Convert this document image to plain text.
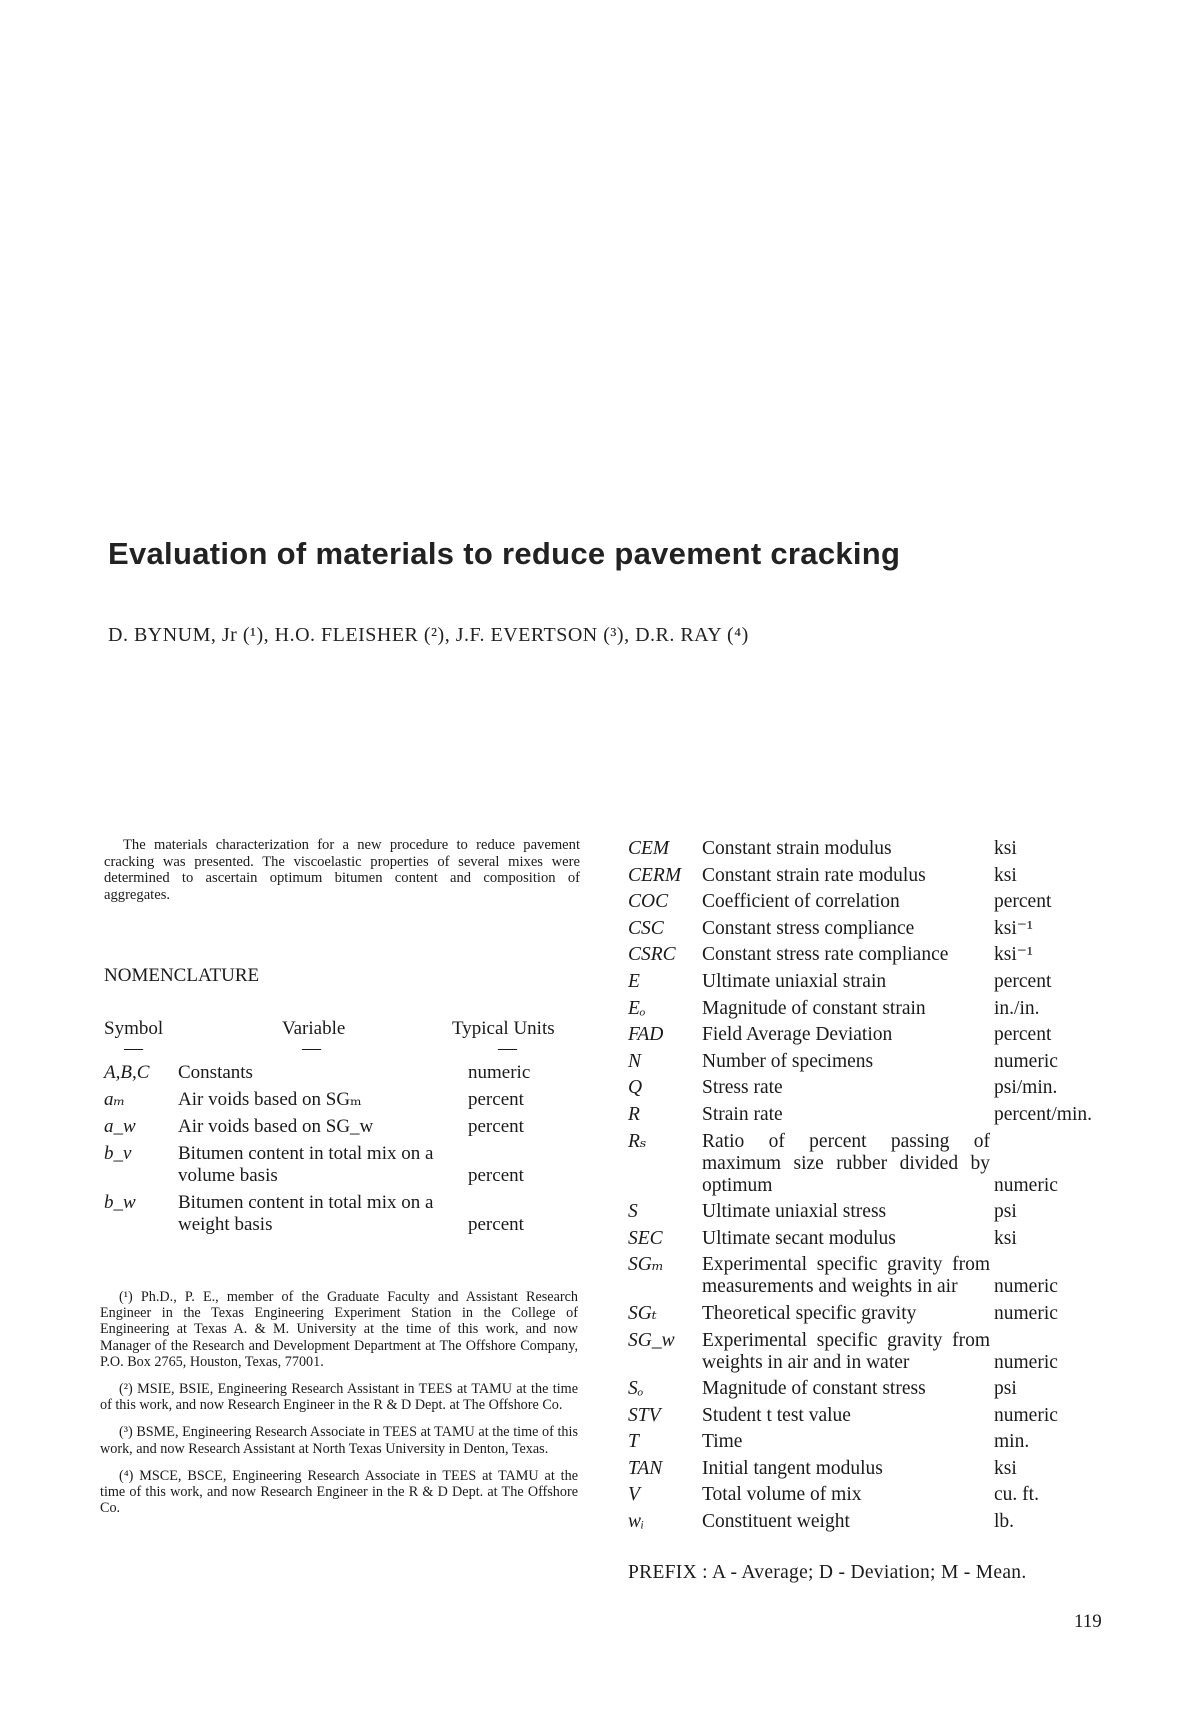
Evaluation of materials to reduce pavement cracking
D. BYNUM, Jr (¹), H.O. FLEISHER (²), J.F. EVERTSON (³), D.R. RAY (⁴)

The materials characterization for a new procedure to reduce pavement cracking was presented. The viscoelastic properties of several mixes were determined to ascertain optimum bitumen content and composition of aggregates.

NOMENCLATURE
Symbol	Variable	Typical Units
—	—	—
A,B,C	Constants	numeric
aₘ	Air voids based on SGₘ	percent
a_w	Air voids based on SG_w	percent
b_v	Bitumen content in total mix on a volume basis	percent
b_w	Bitumen content in total mix on a weight basis	percent

(¹) Ph.D., P. E., member of the Graduate Faculty and Assistant Research Engineer in the Texas Engineering Experiment Station in the College of Engineering at Texas A. & M. University at the time of this work, and now Manager of the Research and Development Department at The Offshore Company, P.O. Box 2765, Houston, Texas, 77001.

(²) MSIE, BSIE, Engineering Research Assistant in TEES at TAMU at the time of this work, and now Research Engineer in the R & D Dept. at The Offshore Co.

(³) BSME, Engineering Research Associate in TEES at TAMU at the time of this work, and now Research Assistant at North Texas University in Denton, Texas.

(⁴) MSCE, BSCE, Engineering Research Associate in TEES at TAMU at the time of this work, and now Research Engineer in the R & D Dept. at The Offshore Co.

CEM	Constant strain modulus	ksi
CERM	Constant strain rate modulus	ksi
COC	Coefficient of correlation	percent
CSC	Constant stress compliance	ksi⁻¹
CSRC	Constant stress rate compliance	ksi⁻¹
E	Ultimate uniaxial strain	percent
Eₒ	Magnitude of constant strain	in./in.
FAD	Field Average Deviation	percent
N	Number of specimens	numeric
Q	Stress rate	psi/min.
R	Strain rate	percent/min.
Rₛ	Ratio of percent passing of maximum size rubber divided by optimum	numeric
S	Ultimate uniaxial stress	psi
SEC	Ultimate secant modulus	ksi
SGₘ	Experimental specific gravity from measurements and weights in air	numeric
SGₜ	Theoretical specific gravity	numeric
SG_w	Experimental specific gravity from weights in air and in water	numeric
Sₒ	Magnitude of constant stress	psi
STV	Student t test value	numeric
T	Time	min.
TAN	Initial tangent modulus	ksi
V	Total volume of mix	cu. ft.
wᵢ	Constituent weight	lb.
PREFIX : A - Average; D - Deviation; M - Mean.
119
